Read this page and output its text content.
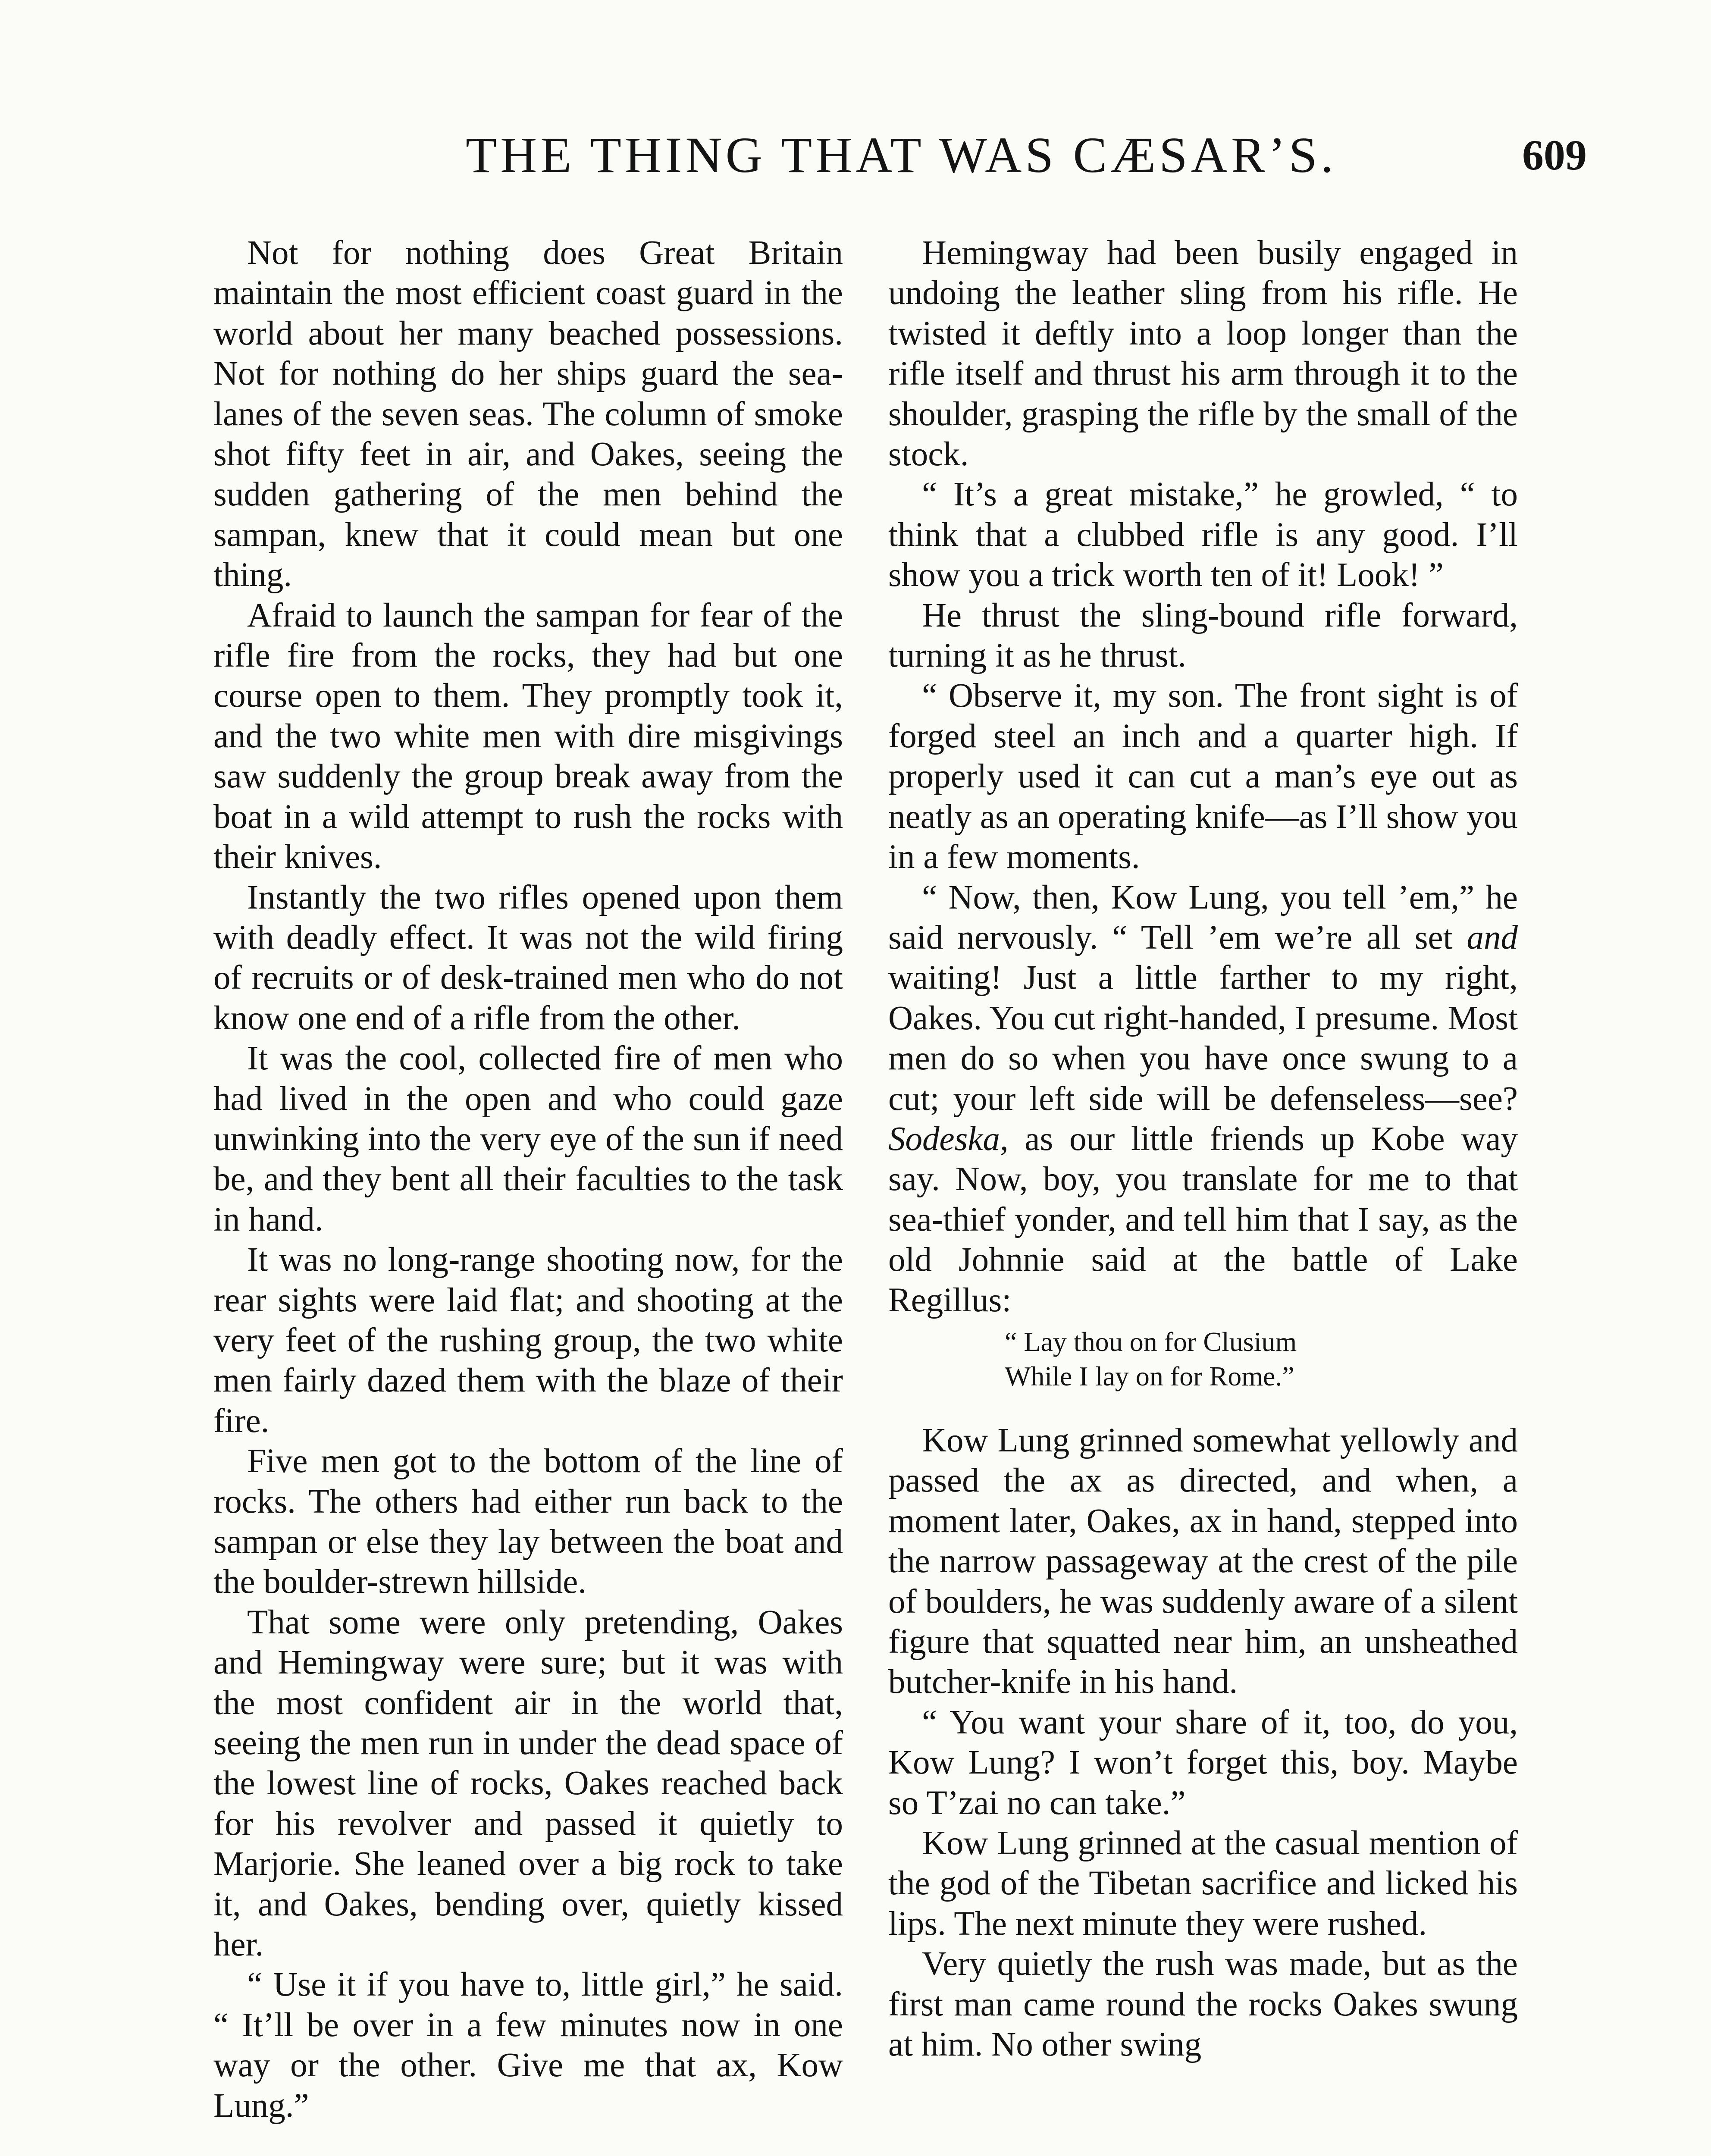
THE THING THAT WAS CÆSAR’S.	609

Not for nothing does Great Britain maintain the most efficient coast guard in the world about her many beached possessions. Not for nothing do her ships guard the sea-lanes of the seven seas. The column of smoke shot fifty feet in air, and Oakes, seeing the sudden gathering of the men behind the sampan, knew that it could mean but one thing.

Afraid to launch the sampan for fear of the rifle fire from the rocks, they had but one course open to them. They promptly took it, and the two white men with dire misgivings saw suddenly the group break away from the boat in a wild attempt to rush the rocks with their knives.

Instantly the two rifles opened upon them with deadly effect. It was not the wild firing of recruits or of desk-trained men who do not know one end of a rifle from the other.

It was the cool, collected fire of men who had lived in the open and who could gaze unwinking into the very eye of the sun if need be, and they bent all their faculties to the task in hand.

It was no long-range shooting now, for the rear sights were laid flat; and shooting at the very feet of the rushing group, the two white men fairly dazed them with the blaze of their fire.

Five men got to the bottom of the line of rocks. The others had either run back to the sampan or else they lay between the boat and the boulder-strewn hillside.

That some were only pretending, Oakes and Hemingway were sure; but it was with the most confident air in the world that, seeing the men run in under the dead space of the lowest line of rocks, Oakes reached back for his revolver and passed it quietly to Marjorie. She leaned over a big rock to take it, and Oakes, bending over, quietly kissed her.

“ Use it if you have to, little girl,” he said. “ It’ll be over in a few minutes now in one way or the other. Give me that ax, Kow Lung.”

Hemingway had been busily engaged in undoing the leather sling from his rifle. He twisted it deftly into a loop longer than the rifle itself and thrust his arm through it to the shoulder, grasping the rifle by the small of the stock.

“ It’s a great mistake,” he growled, “ to think that a clubbed rifle is any good. I’ll show you a trick worth ten of it! Look! ”

He thrust the sling-bound rifle forward, turning it as he thrust.

“ Observe it, my son. The front sight is of forged steel an inch and a quarter high. If properly used it can cut a man’s eye out as neatly as an operating knife—as I’ll show you in a few moments.

“ Now, then, Kow Lung, you tell ’em,” he said nervously. “ Tell ’em we’re all set and waiting! Just a little farther to my right, Oakes. You cut right-handed, I presume. Most men do so when you have once swung to a cut; your left side will be defenseless—see? Sodeska, as our little friends up Kobe way say. Now, boy, you translate for me to that sea-thief yonder, and tell him that I say, as the old Johnnie said at the battle of Lake Regillus:

“ Lay thou on for Clusium
While I lay on for Rome.”

Kow Lung grinned somewhat yellowly and passed the ax as directed, and when, a moment later, Oakes, ax in hand, stepped into the narrow passageway at the crest of the pile of boulders, he was suddenly aware of a silent figure that squatted near him, an unsheathed butcher-knife in his hand.

“ You want your share of it, too, do you, Kow Lung? I won’t forget this, boy. Maybe so T’zai no can take.”

Kow Lung grinned at the casual mention of the god of the Tibetan sacrifice and licked his lips. The next minute they were rushed.

Very quietly the rush was made, but as the first man came round the rocks Oakes swung at him. No other swing
